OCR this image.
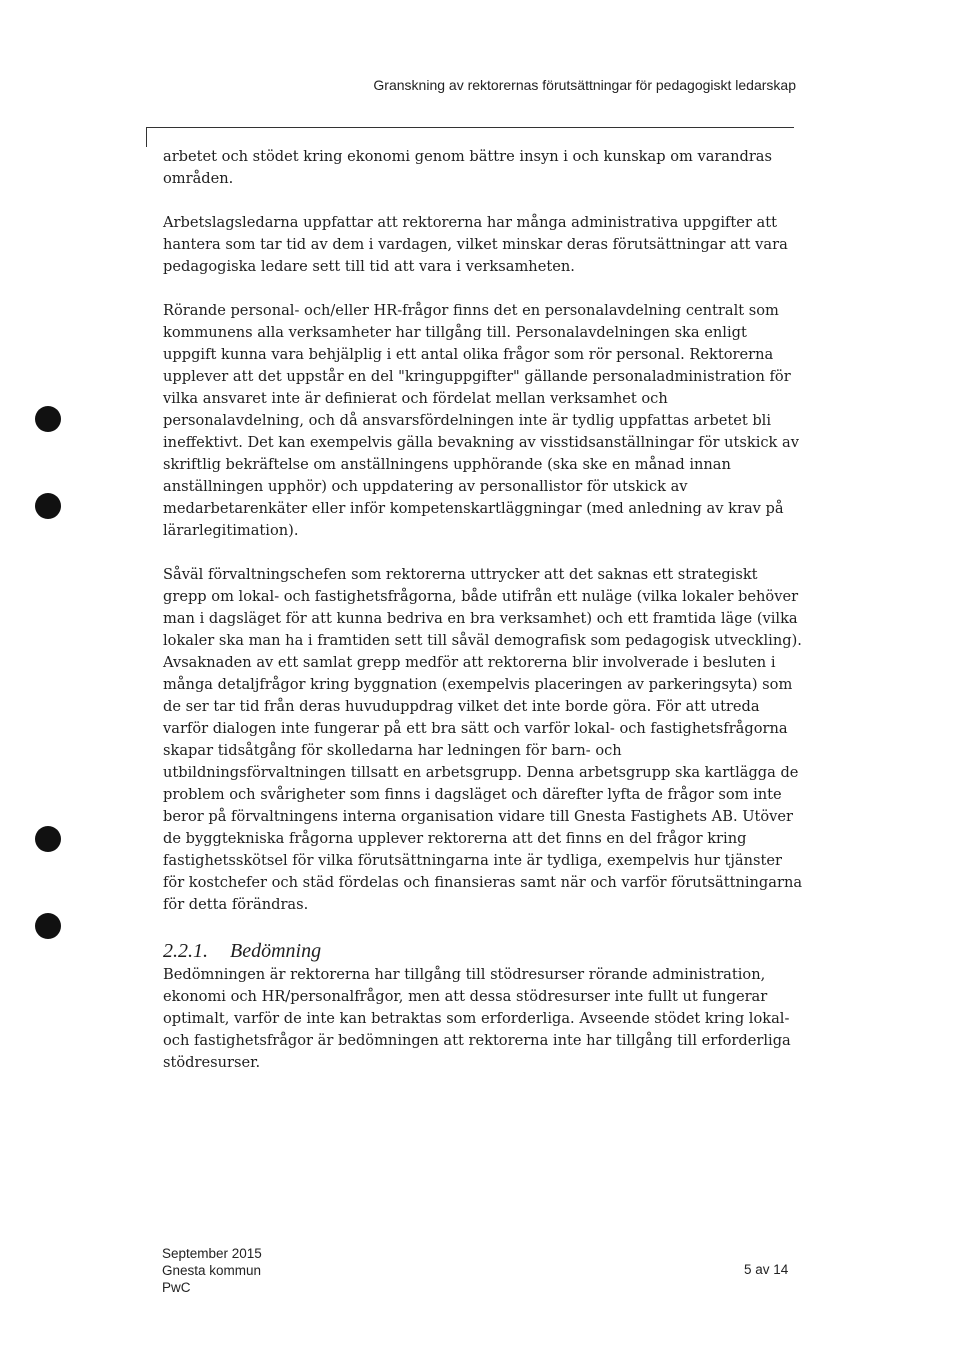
Granskning av rektorernas förutsättningar för pedagogiskt ledarskap

arbetet och stödet kring ekonomi genom bättre insyn i och kunskap om varandras områden.

Arbetslagsledarna uppfattar att rektorerna har många administrativa uppgifter att hantera som tar tid av dem i vardagen, vilket minskar deras förutsättningar att vara pedagogiska ledare sett till tid att vara i verksamheten.

Rörande personal- och/eller HR-frågor finns det en personalavdelning centralt som kommunens alla verksamheter har tillgång till. Personalavdelningen ska enligt uppgift kunna vara behjälplig i ett antal olika frågor som rör personal. Rektorerna upplever att det uppstår en del "kringuppgifter" gällande personaladministration för vilka ansvaret inte är definierat och fördelat mellan verksamhet och personalavdelning, och då ansvarsfördelningen inte är tydlig uppfattas arbetet bli ineffektivt. Det kan exempelvis gälla bevakning av visstidsanställningar för utskick av skriftlig bekräftelse om anställningens upphörande (ska ske en månad innan anställningen upphör) och uppdatering av personallistor för utskick av medarbetarenkäter eller inför kompetenskartläggningar (med anledning av krav på lärarlegitimation).

Såväl förvaltningschefen som rektorerna uttrycker att det saknas ett strategiskt grepp om lokal- och fastighetsfrågorna, både utifrån ett nuläge (vilka lokaler behöver man i dagsläget för att kunna bedriva en bra verksamhet) och ett framtida läge (vilka lokaler ska man ha i framtiden sett till såväl demografisk som pedagogisk utveckling). Avsaknaden av ett samlat grepp medför att rektorerna blir involverade i besluten i många detaljfrågor kring byggnation (exempelvis placeringen av parkeringsyta) som de ser tar tid från deras huvuduppdrag vilket det inte borde göra. För att utreda varför dialogen inte fungerar på ett bra sätt och varför lokal- och fastighetsfrågorna skapar tidsåtgång för skolledarna har ledningen för barn- och utbildningsförvaltningen tillsatt en arbetsgrupp. Denna arbetsgrupp ska kartlägga de problem och svårigheter som finns i dagsläget och därefter lyfta de frågor som inte beror på förvaltningens interna organisation vidare till Gnesta Fastighets AB. Utöver de byggtekniska frågorna upplever rektorerna att det finns en del frågor kring fastighetsskötsel för vilka förutsättningarna inte är tydliga, exempelvis hur tjänster för kostchefer och städ fördelas och finansieras samt när och varför förutsättningarna för detta förändras.

2.2.1. Bedömning

Bedömningen är rektorerna har tillgång till stödresurser rörande administration, ekonomi och HR/personalfrågor, men att dessa stödresurser inte fullt ut fungerar optimalt, varför de inte kan betraktas som erforderliga. Avseende stödet kring lokal- och fastighetsfrågor är bedömningen att rektorerna inte har tillgång till erforderliga stödresurser.

September 2015
Gnesta kommun
PwC
5 av 14
